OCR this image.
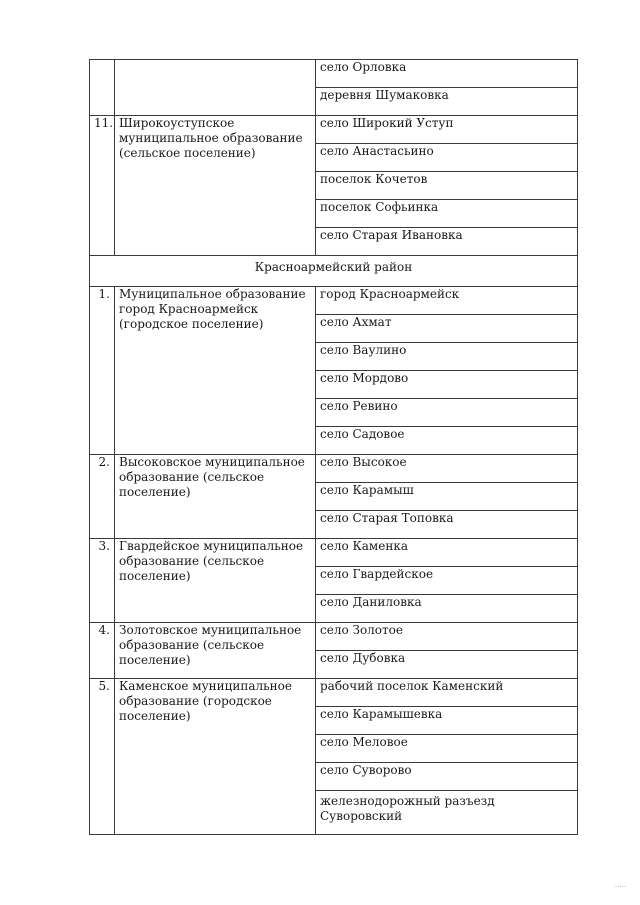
		село Орловка
		деревня Шумаковка
11.	Широкоуступское муниципальное образование (сельское поселение)	село Широкий Уступ
		село Анастасьино
		поселок Кочетов
		поселок Софьинка
		село Старая Ивановка
Красноармейский район		
1.	Муниципальное образование город Красноармейск (городское поселение)	город Красноармейск
		село Ахмат
		село Ваулино
		село Мордово
		село Ревино
		село Садовое
2.	Высоковское муниципальное образование (сельское поселение)	село Высокое
		село Карамыш
		село Старая Топовка
3.	Гвардейское муниципальное образование (сельское поселение)	село Каменка
		село Гвардейское
		село Даниловка
4.	Золотовское муниципальное образование (сельское поселение)	село Золотое
		село Дубовка
5.	Каменское муниципальное образование (городское поселение)	рабочий поселок Каменский
		село Карамышевка
		село Меловое
		село Суворово
		железнодорожный разъезд Суворовский
·····
